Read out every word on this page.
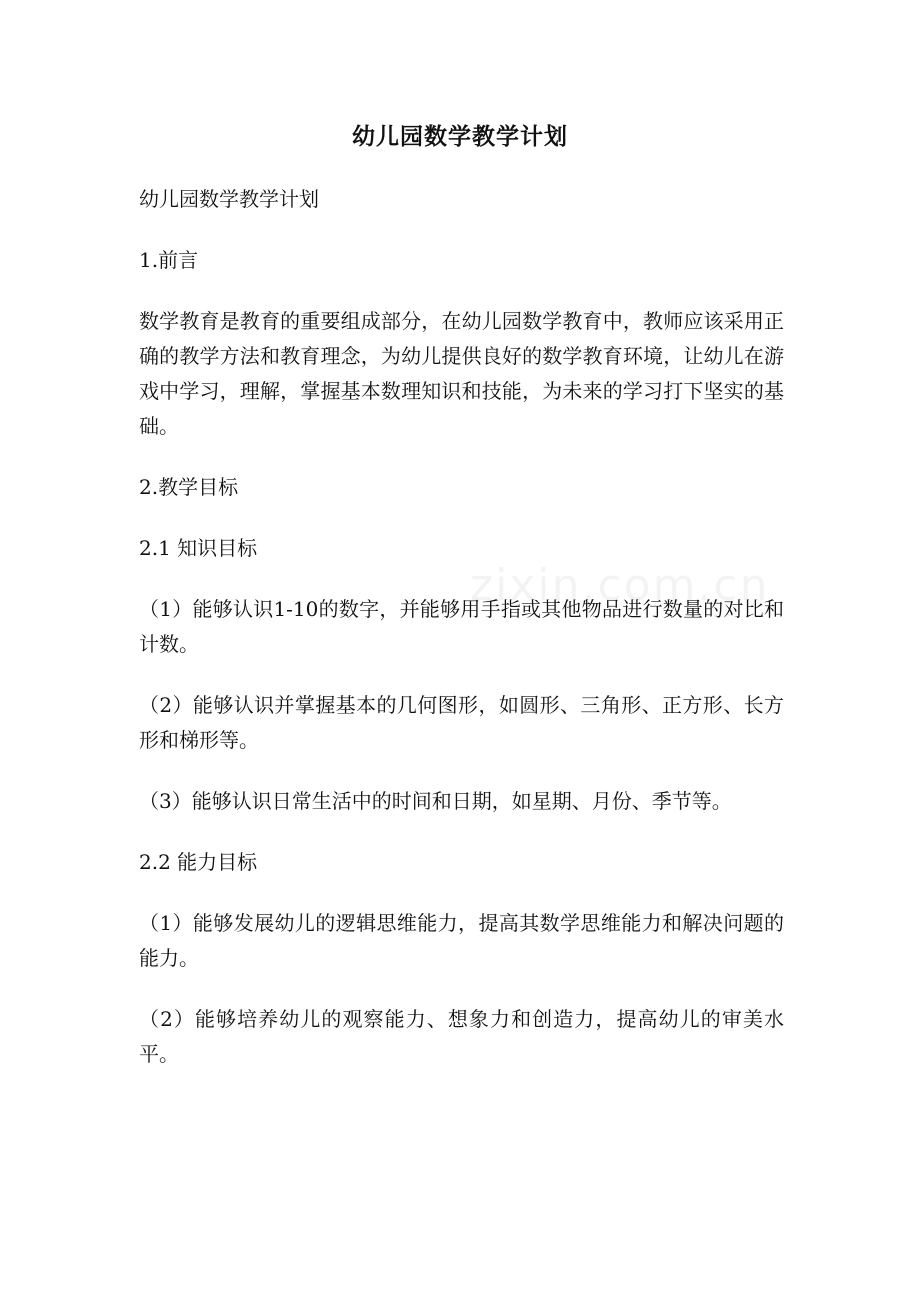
幼儿园数学教学计划

幼儿园数学教学计划

1.前言

数学教育是教育的重要组成部分，在幼儿园数学教育中，教师应该采用正确的教学方法和教育理念，为幼儿提供良好的数学教育环境，让幼儿在游戏中学习，理解，掌握基本数理知识和技能，为未来的学习打下坚实的基础。

2.教学目标

2.1 知识目标

（1）能够认识1-10的数字，并能够用手指或其他物品进行数量的对比和计数。

（2）能够认识并掌握基本的几何图形，如圆形、三角形、正方形、长方形和梯形等。

（3）能够认识日常生活中的时间和日期，如星期、月份、季节等。

2.2 能力目标

（1）能够发展幼儿的逻辑思维能力，提高其数学思维能力和解决问题的能力。

（2）能够培养幼儿的观察能力、想象力和创造力，提高幼儿的审美水平。
